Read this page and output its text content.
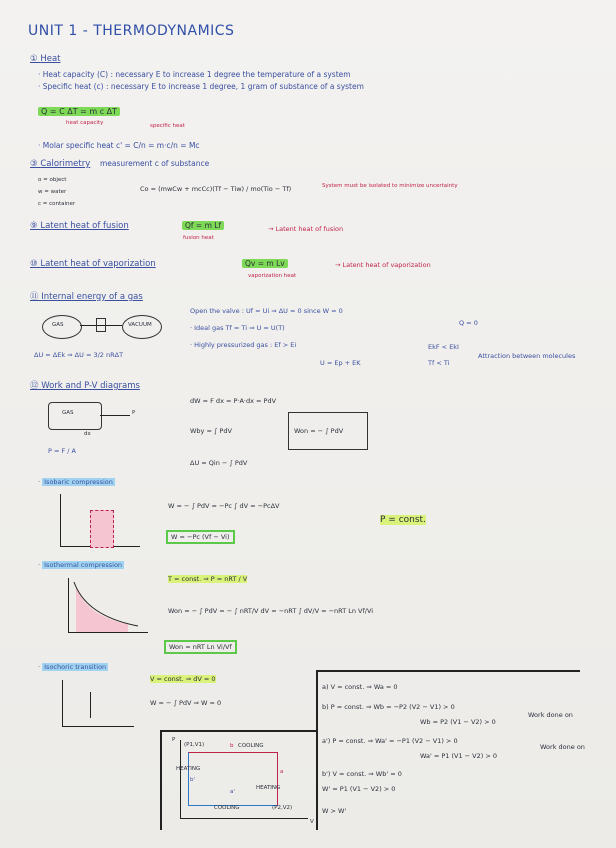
UNIT 1 - THERMODYNAMICS
① Heat
· Heat capacity (C) : necessary E to increase 1 degree the temperature of a system
· Specific heat (c) : necessary E to increase 1 degree, 1 gram of substance of a system
Q = C ΔT = m c ΔT
heat capacity	specific heat
· Molar specific heat c' = C/n = m·c/n = Mc
③ Calorimetry measurement c of substance
o = object
w = water
c = container
Co = (mwCw + mcCc)(Tf − Tiw) / mo(Tio − Tf)	System must be isolated to minimize uncertainty
⑨ Latent heat of fusion	Qf = m Lf
fusion heat
→ Latent heat of fusion
⑩ Latent heat of vaporization	Qv = m Lv
vaporization heat
→ Latent heat of vaporization
⑪ Internal energy of a gas
GAS	VACUUM
ΔU = ΔEk ⇒ ΔU = 3/2 nRΔT
Open the valve : Uf = Ui ⇒ ΔU = 0 since W = 0
Q = 0
· Ideal gas Tf = Ti ⇒ U = U(T)
· Highly pressurized gas : Ef > Ei
U = Ep + EK
EkF < EkI
Tf < Ti
Attraction between molecules
⑫ Work and P-V diagrams
GAS	P
dx
P = F / A
dW = F dx = P·A·dx = PdV
Wby = ∫ PdV	Won = − ∫ PdV
ΔU = Qin − ∫ PdV
· Isobaric compression
W = − ∫ PdV = −Pc ∫ dV = −PcΔV
W = −Pc (Vf − Vi)
P = const.
· Isothermal compression
T = const. ⇒ P = nRT / V
Won = − ∫ PdV = − ∫ nRT/V dV = −nRT ∫ dV/V = −nRT Ln Vf/Vi
Won = nRT Ln Vi/Vf
· Isochoric transition
V = const. ⇒ dV = 0
W = − ∫ PdV ⇒ W = 0
P
V
(P1,V1)
(P2,V2)
COOLING
HEATING
HEATING
COOLING
b
a
a'
b'
a) V = const. ⇒ Wa = 0
b) P = const. ⇒ Wb = −P2 (V2 − V1) > 0
Wb = P2 (V1 − V2) > 0
Work done on
a') P = const. ⇒ Wa' = −P1 (V2 − V1) > 0
Wa' = P1 (V1 − V2) > 0
Work done on
b') V = const. ⇒ Wb' = 0
W' = P1 (V1 − V2) > 0
W > W'
